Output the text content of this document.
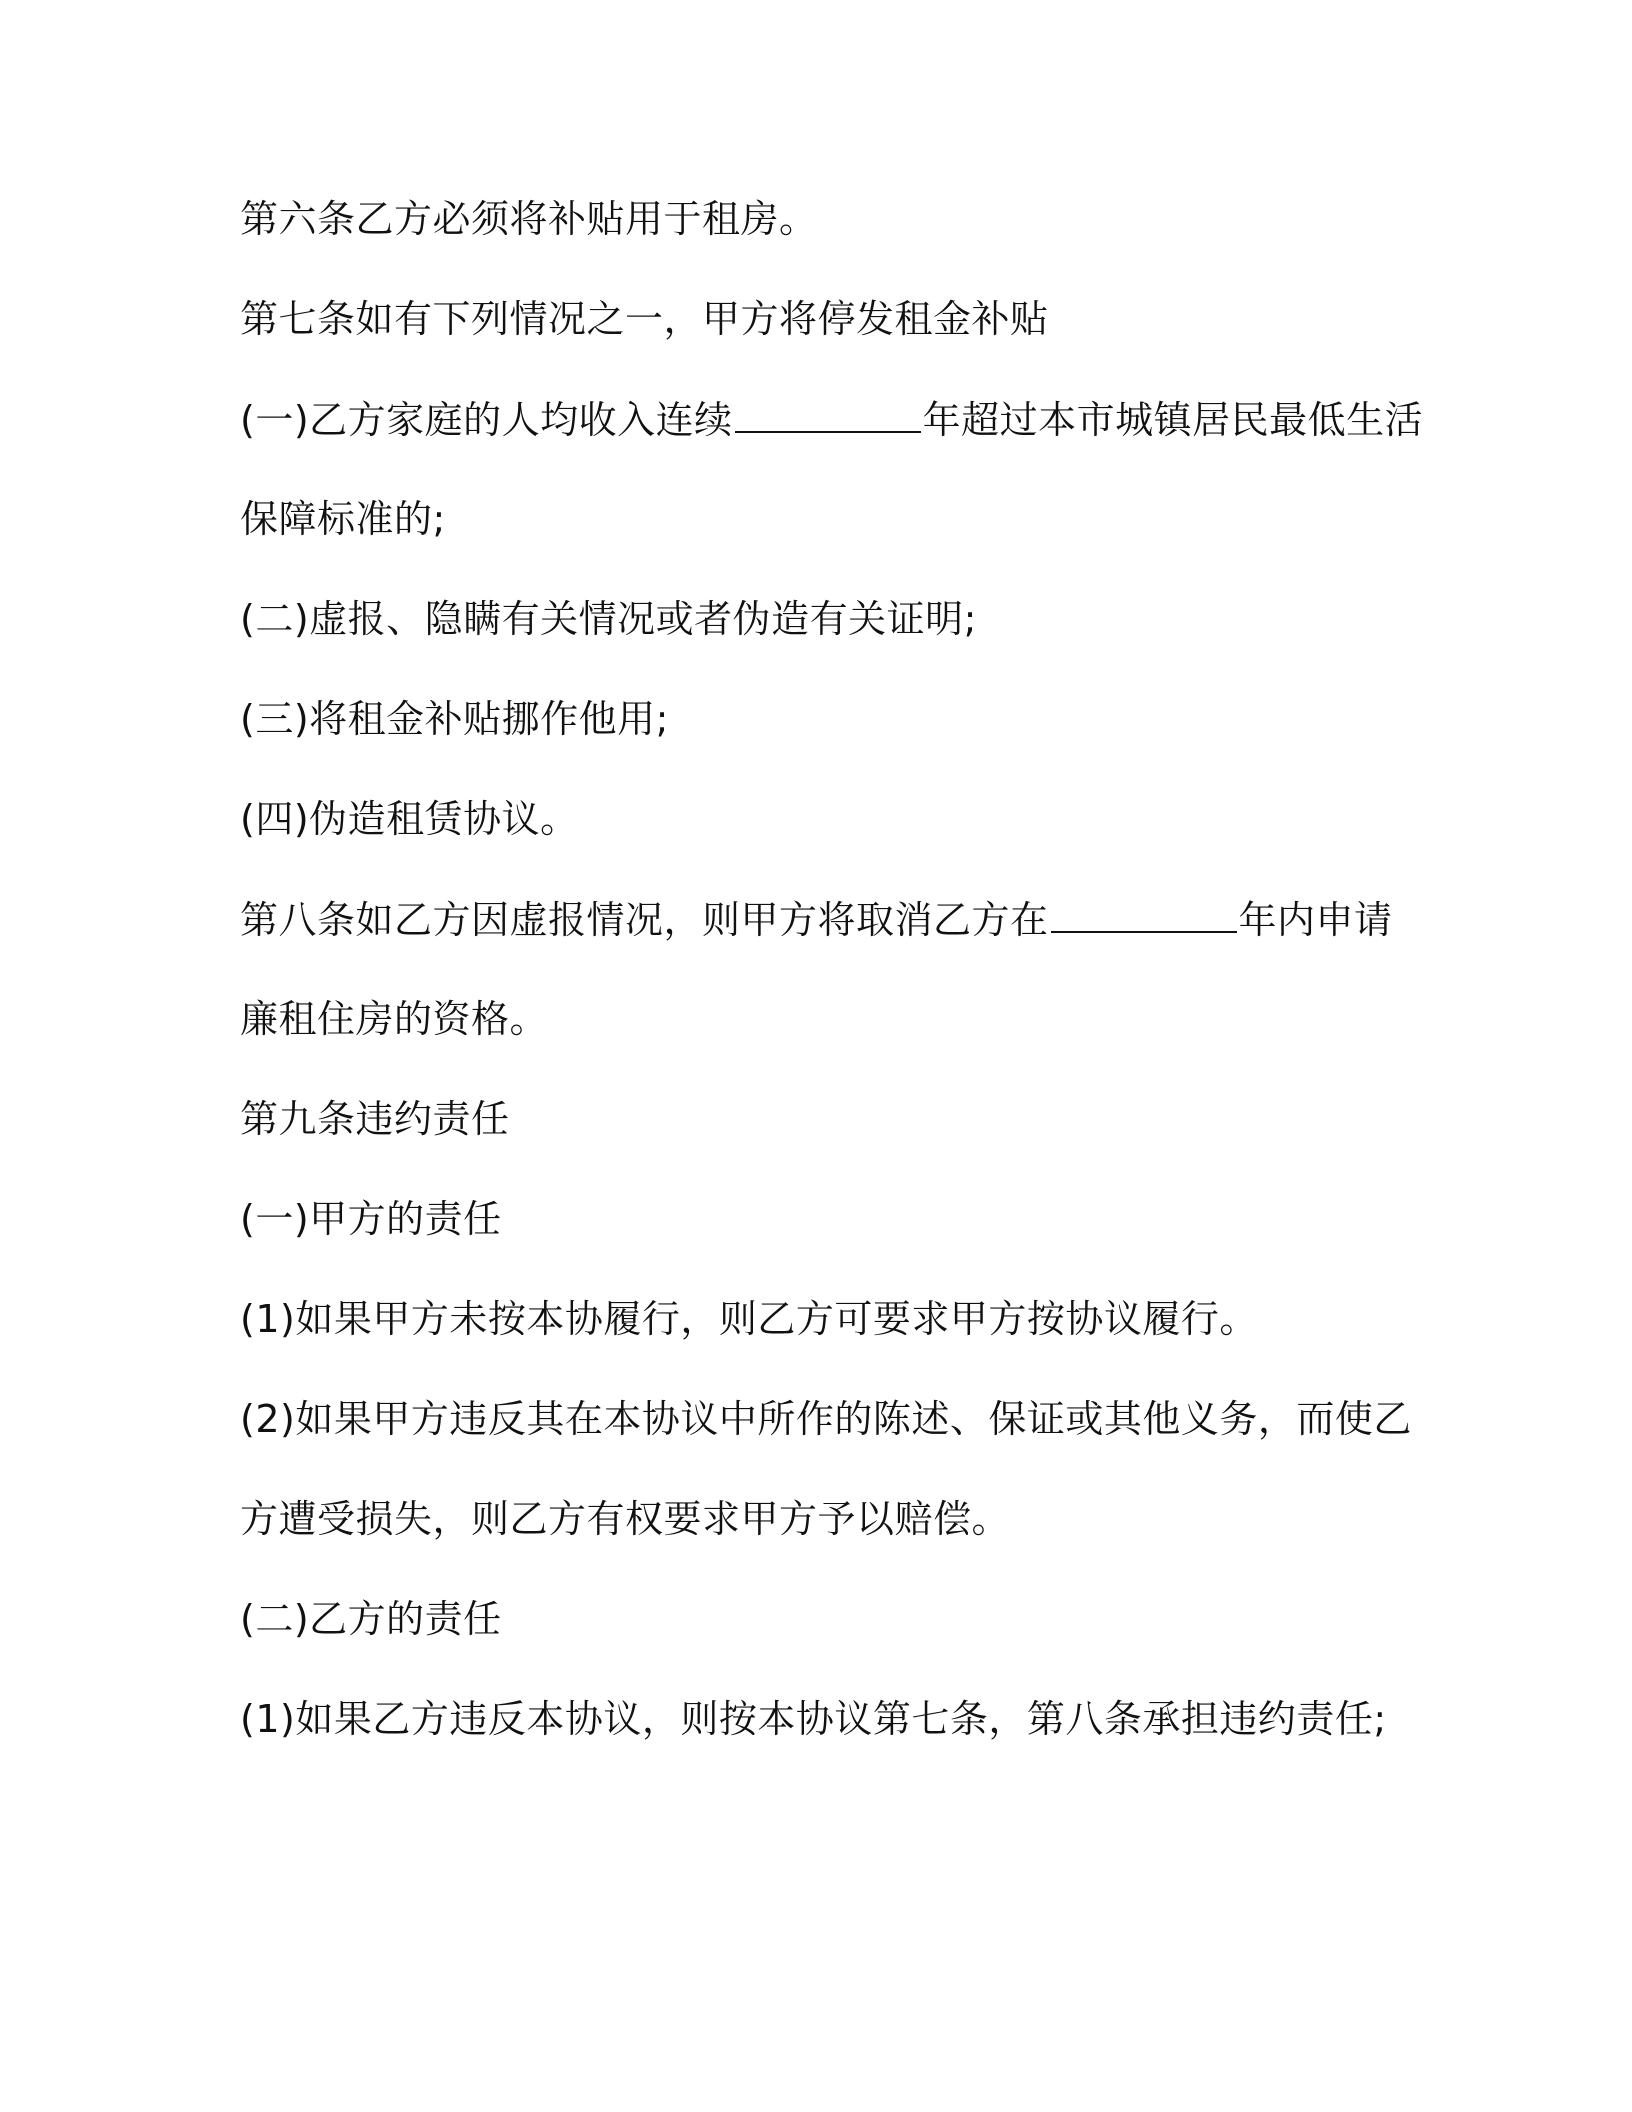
第六条乙方必须将补贴用于租房。
第七条如有下列情况之一，甲方将停发租金补贴
(一)乙方家庭的人均收入连续	年超过本市城镇居民最低生活
保障标准的;
(二)虚报、隐瞒有关情况或者伪造有关证明;
(三)将租金补贴挪作他用;
(四)伪造租赁协议。
第八条如乙方因虚报情况，则甲方将取消乙方在	年内申请
廉租住房的资格。
第九条违约责任
(一)甲方的责任
(1)如果甲方未按本协履行，则乙方可要求甲方按协议履行。
(2)如果甲方违反其在本协议中所作的陈述、保证或其他义务，而使乙
方遭受损失，则乙方有权要求甲方予以赔偿。
(二)乙方的责任
(1)如果乙方违反本协议，则按本协议第七条，第八条承担违约责任;
